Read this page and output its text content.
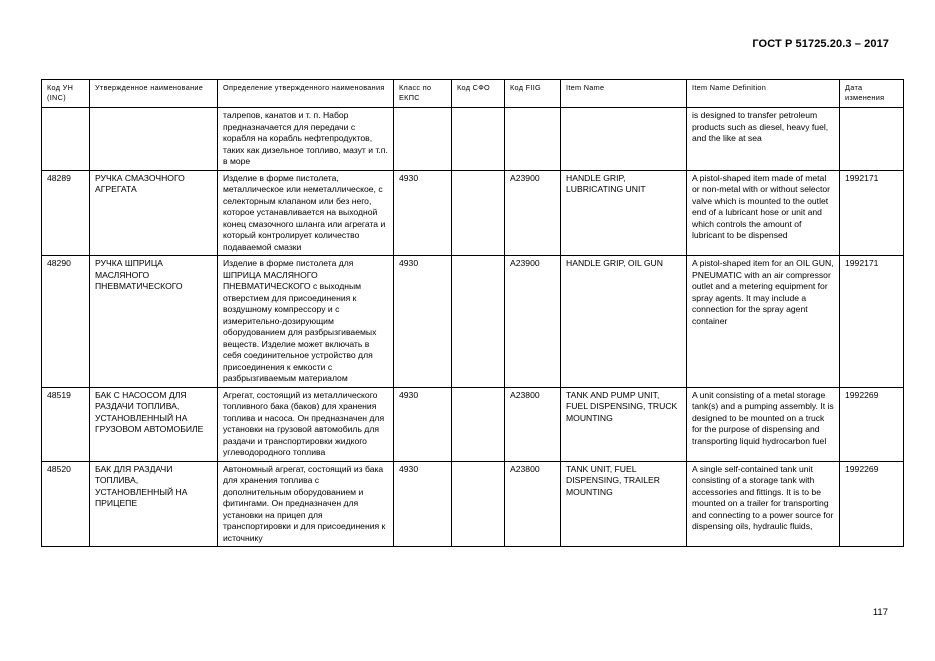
ГОСТ Р 51725.20.3 – 2017
Код УН (INC)	Утвержденное наименование	Определение утвержденного наименования	Класс по ЕКПС	Код СФО	Код FIIG	Item Name	Item Name Definition	Дата изменения
		талрепов, канатов и т. п. Набор предназначается для передачи с корабля на корабль нефтепродуктов, таких как дизельное топливо, мазут и т.п. в море					is designed to transfer petroleum products such as diesel, heavy fuel, and the like at sea	
48289	РУЧКА СМАЗОЧНОГО АГРЕГАТА	Изделие в форме пистолета, металлическое или неметаллическое, с селекторным клапаном или без него, которое устанавливается на выходной конец смазочного шланга или агрегата и который контролирует количество подаваемой смазки	4930		A23900	HANDLE GRIP, LUBRICATING UNIT	A pistol-shaped item made of metal or non-metal with or without selector valve which is mounted to the outlet end of a lubricant hose or unit and which controls the amount of lubricant to be dispensed	1992171
48290	РУЧКА ШПРИЦА МАСЛЯНОГО ПНЕВМАТИЧЕСКОГО	Изделие в форме пистолета для ШПРИЦА МАСЛЯНОГО ПНЕВМАТИЧЕСКОГО с выходным отверстием для присоединения к воздушному компрессору и с измерительно-дозирующим оборудованием для разбрызгиваемых веществ. Изделие может включать в себя соединительное устройство для присоединения к емкости с разбрызгиваемым материалом	4930		A23900	HANDLE GRIP, OIL GUN	A pistol-shaped item for an OIL GUN, PNEUMATIC with an air compressor outlet and a metering equipment for spray agents. It may include a connection for the spray agent container	1992171
48519	БАК С НАСОСОМ ДЛЯ РАЗДАЧИ ТОПЛИВА, УСТАНОВЛЕННЫЙ НА ГРУЗОВОМ АВТОМОБИЛЕ	Агрегат, состоящий из металлического топливного бака (баков) для хранения топлива и насоса. Он предназначен для установки на грузовой автомобиль для раздачи и транспортировки жидкого углеводородного топлива	4930		A23800	TANK AND PUMP UNIT, FUEL DISPENSING, TRUCK MOUNTING	A unit consisting of a metal storage tank(s) and a pumping assembly. It is designed to be mounted on a truck for the purpose of dispensing and transporting liquid hydrocarbon fuel	1992269
48520	БАК ДЛЯ РАЗДАЧИ ТОПЛИВА, УСТАНОВЛЕННЫЙ НА ПРИЦЕПЕ	Автономный агрегат, состоящий из бака для хранения топлива с дополнительным оборудованием и фитингами. Он предназначен для установки на прицеп для транспортировки и для присоединения к источнику	4930		A23800	TANK UNIT, FUEL DISPENSING, TRAILER MOUNTING	A single self-contained tank unit consisting of a storage tank with accessories and fittings. It is to be mounted on a trailer for transporting and connecting to a power source for dispensing oils, hydraulic fluids,	1992269
117
